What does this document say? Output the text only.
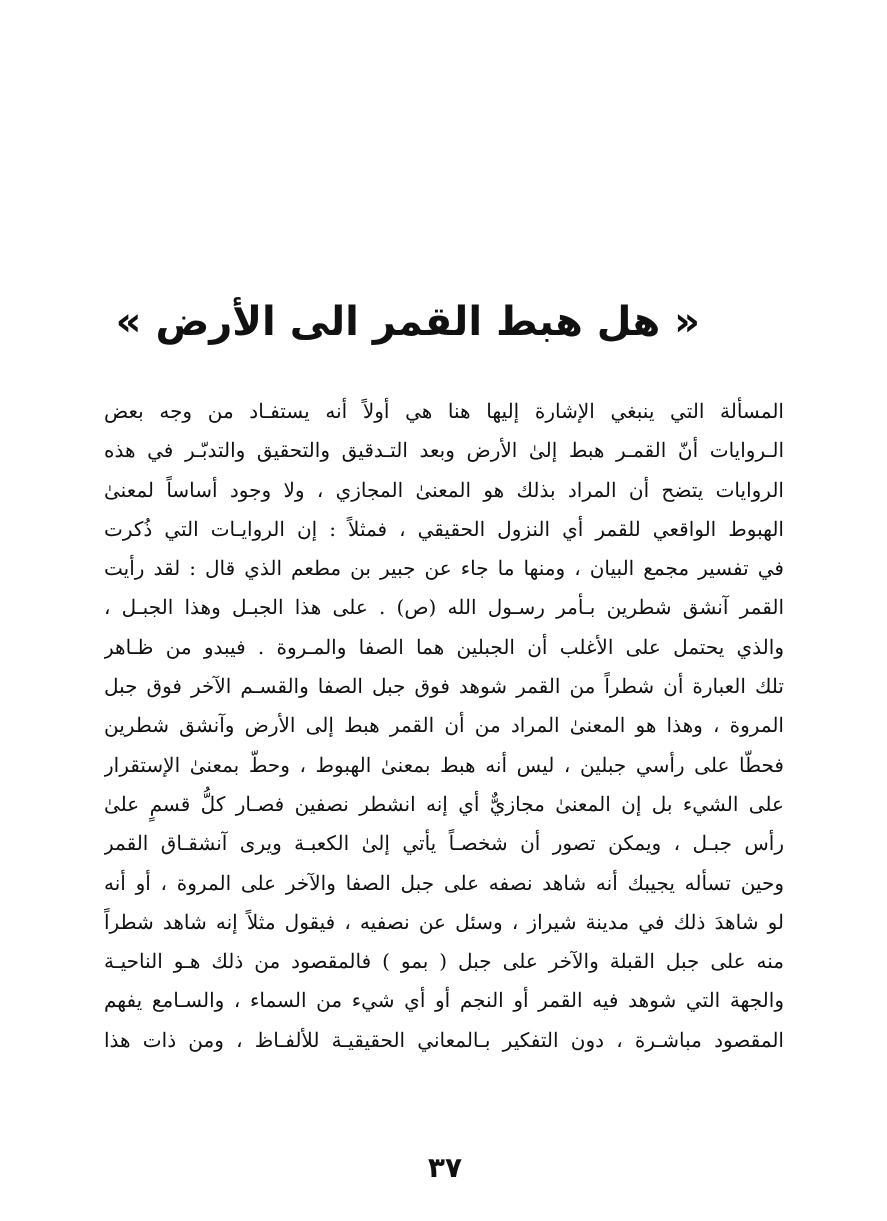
« هل هبط القمر الى الأرض »
المسألة التي ينبغي الإشارة إليها هنا هي أولاً أنه يستفـاد من وجه بعض
الـروايات أنّ القمـر هبط إلىٰ الأرض وبعد التـدقيق والتحقيق والتدبّـر في هذه
الروايات يتضح أن المراد بذلك هو المعنىٰ المجازي ، ولا وجود أساساً لمعنىٰ
الهبوط الواقعي للقمر أي النزول الحقيقي ، فمثلاً : إن الروايـات التي ذُكرت
في تفسير مجمع البيان ، ومنها ما جاء عن جبير بن مطعم الذي قال : لقد رأيت
القمر آنشق شطرين بـأمر رسـول الله (ص) . على هذا الجبـل وهذا الجبـل ،
والذي يحتمل على الأغلب أن الجبلين هما الصفا والمـروة . فيبدو من ظـاهر
تلك العبارة أن شطراً من القمر شوهد فوق جبل الصفا والقسـم الآخر فوق جبل
المروة ، وهذا هو المعنىٰ المراد من أن القمر هبط إلى الأرض وآنشق شطرين
فحطّا على رأسي جبلين ، ليس أنه هبط بمعنىٰ الهبوط ، وحطّ بمعنىٰ الإستقرار
على الشيء بل إن المعنىٰ مجازيٌّ أي إنه انشطر نصفين فصـار كلُّ قسمٍ علىٰ
رأس جبـل ، ويمكن تصور أن شخصـاً يأتي إلىٰ الكعبـة ويرى آنشقـاق القمر
وحين تسأله يجيبك أنه شاهد نصفه على جبل الصفا والآخر على المروة ، أو أنه
لو شاهدَ ذلك في مدينة شيراز ، وسئل عن نصفيه ، فيقول مثلاً إنه شاهد شطراً
منه على جبل القبلة والآخر على جبل ( بمو ) فالمقصود من ذلك هـو الناحيـة
والجهة التي شوهد فيه القمر أو النجم أو أي شيء من السماء ، والسـامع يفهم
المقصود مباشـرة ، دون التفكير بـالمعاني الحقيقيـة للألفـاظ ، ومن ذات هذا
٣٧
